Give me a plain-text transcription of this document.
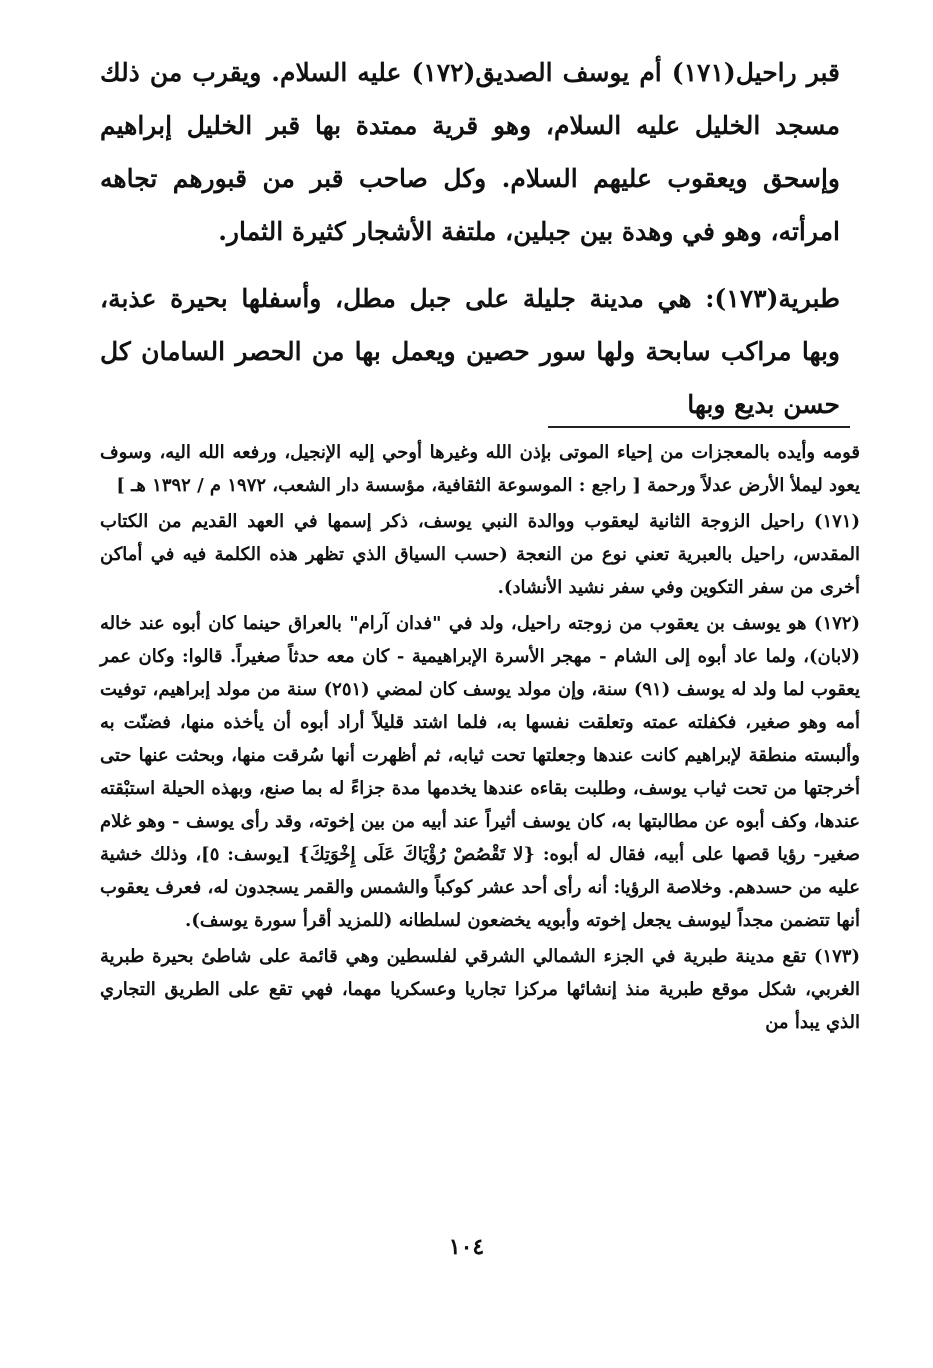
قبر راحيل(١٧١) أم يوسف الصديق(١٧٢) عليه السلام. ويقرب من ذلك مسجد الخليل عليه السلام، وهو قرية ممتدة بها قبر الخليل إبراهيم وإسحق ويعقوب عليهم السلام. وكل صاحب قبر من قبورهم تجاهه امرأته، وهو في وهدة بين جبلين، ملتفة الأشجار كثيرة الثمار.

طبرية(١٧٣): هي مدينة جليلة على جبل مطل، وأسفلها بحيرة عذبة، وبها مراكب سابحة ولها سور حصين ويعمل بها من الحصر السامان كل حسن بديع وبها

قومه وأيده بالمعجزات من إحياء الموتى بإذن الله وغيرها أوحي إليه الإنجيل، ورفعه الله اليه، وسوف يعود ليملأ الأرض عدلاً ورحمة [ راجع : الموسوعة الثقافية، مؤسسة دار الشعب، ١٩٧٢ م / ١٣٩٢ هـ ]

(١٧١) راحيل الزوجة الثانية ليعقوب ووالدة النبي يوسف، ذكر إسمها في العهد القديم من الكتاب المقدس، راحيل بالعبرية تعني نوع من النعجة (حسب السياق الذي تظهر هذه الكلمة فيه في أماكن أخرى من سفر التكوين وفي سفر نشيد الأنشاد).

(١٧٢) هو يوسف بن يعقوب من زوجته راحيل، ولد في "فدان آرام" بالعراق حينما كان أبوه عند خاله (لابان)، ولما عاد أبوه إلى الشام - مهجر الأسرة الإبراهيمية - كان معه حدثاً صغيراً. قالوا: وكان عمر يعقوب لما ولد له يوسف (٩١) سنة، وإن مولد يوسف كان لمضي (٢٥١) سنة من مولد إبراهيم، توفيت أمه وهو صغير، فكفلته عمته وتعلقت نفسها به، فلما اشتد قليلاً أراد أبوه أن يأخذه منها، فضنّت به وألبسته منطقة لإبراهيم كانت عندها وجعلتها تحت ثيابه، ثم أظهرت أنها سُرقت منها، وبحثت عنها حتى أخرجتها من تحت ثياب يوسف، وطلبت بقاءه عندها يخدمها مدة جزاءً له بما صنع، وبهذه الحيلة استبْقته عندها، وكف أبوه عن مطالبتها به، كان يوسف أثيراً عند أبيه من بين إخوته، وقد رأى يوسف - وهو غلام صغير- رؤيا قصها على أبيه، فقال له أبوه: {لا تَقْصُصْ رُؤْيَاكَ عَلَى إِخْوَتِكَ} [يوسف: ٥]، وذلك خشية عليه من حسدهم. وخلاصة الرؤيا: أنه رأى أحد عشر كوكباً والشمس والقمر يسجدون له، فعرف يعقوب أنها تتضمن مجداً ليوسف يجعل إخوته وأبويه يخضعون لسلطانه (للمزيد أقرأ سورة يوسف).

(١٧٣) تقع مدينة طبرية في الجزء الشمالي الشرقي لفلسطين وهي قائمة على شاطئ بحيرة طبرية الغربي، شكل موقع طبرية منذ إنشائها مركزا تجاريا وعسكريا مهما، فهي تقع على الطريق التجاري الذي يبدأ من

١٠٤
